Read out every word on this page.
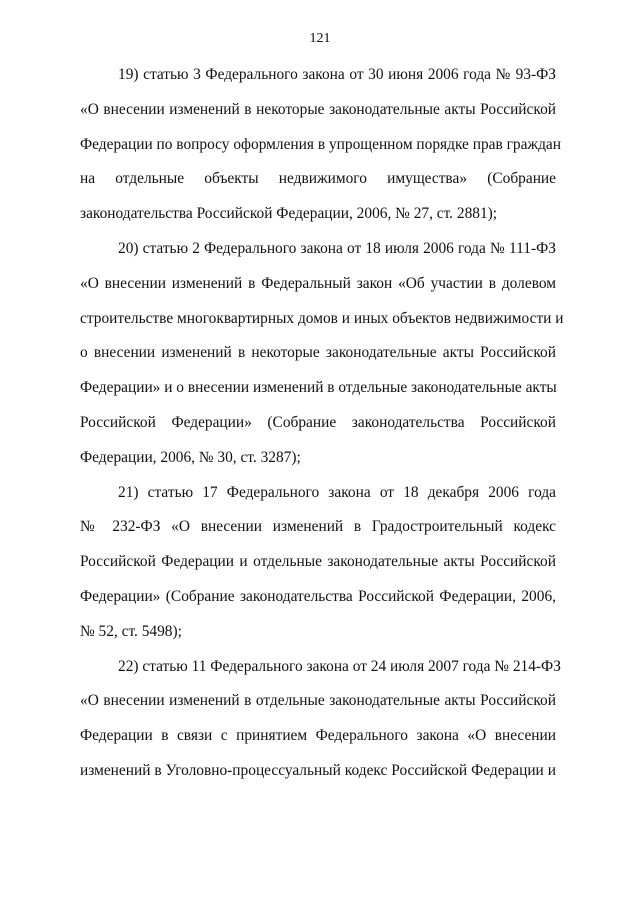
121
19) статью 3 Федерального закона от 30 июня 2006 года № 93-ФЗ
«О внесении изменений в некоторые законодательные акты Российской
Федерации по вопросу оформления в упрощенном порядке прав граждан
на отдельные объекты недвижимого имущества» (Собрание
законодательства Российской Федерации, 2006, № 27, ст. 2881);
20) статью 2 Федерального закона от 18 июля 2006 года № 111-ФЗ
«О внесении изменений в Федеральный закон «Об участии в долевом
строительстве многоквартирных домов и иных объектов недвижимости и
о внесении изменений в некоторые законодательные акты Российской
Федерации» и о внесении изменений в отдельные законодательные акты
Российской Федерации» (Собрание законодательства Российской
Федерации, 2006, № 30, ст. 3287);
21) статью 17 Федерального закона от 18 декабря 2006 года
№ 232-ФЗ «О внесении изменений в Градостроительный кодекс
Российской Федерации и отдельные законодательные акты Российской
Федерации» (Собрание законодательства Российской Федерации, 2006,
№ 52, ст. 5498);
22) статью 11 Федерального закона от 24 июля 2007 года № 214-ФЗ
«О внесении изменений в отдельные законодательные акты Российской
Федерации в связи с принятием Федерального закона «О внесении
изменений в Уголовно-процессуальный кодекс Российской Федерации и
